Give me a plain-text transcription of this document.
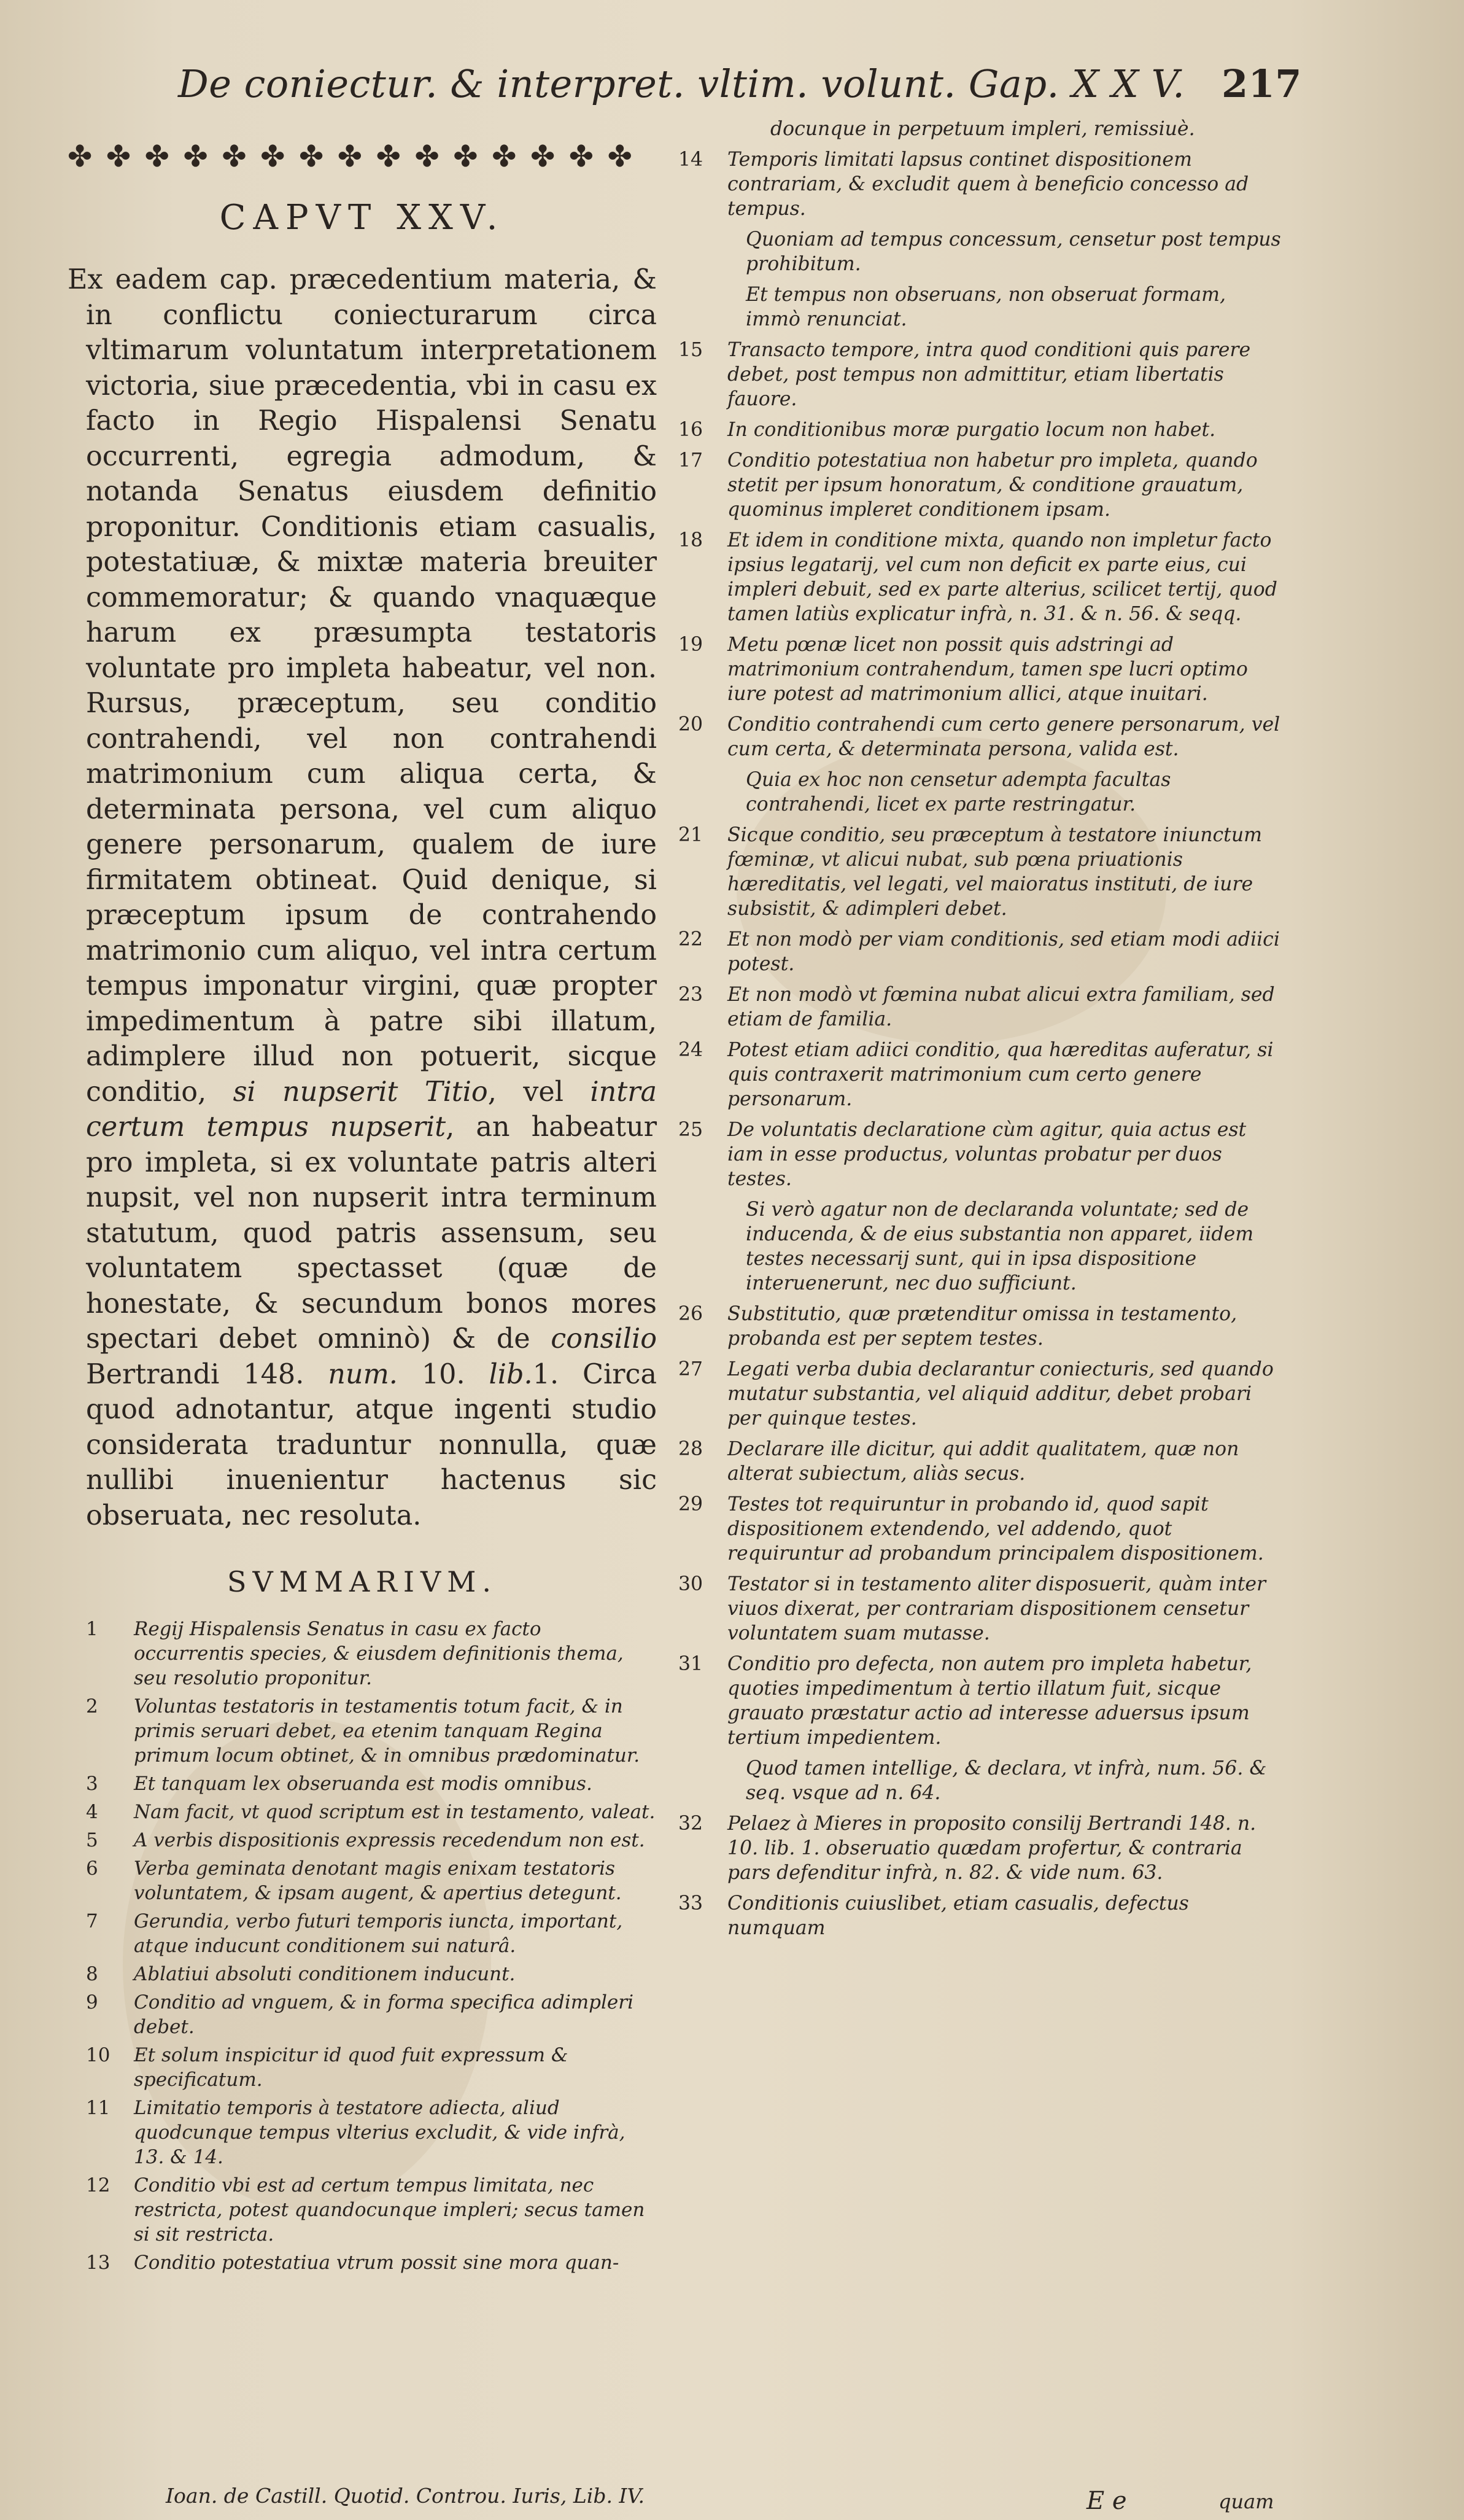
De coniectur. & interpret. vltim. volunt. Gap. X X V. 217
✤ ✤ ✤ ✤ ✤ ✤ ✤ ✤ ✤ ✤ ✤ ✤ ✤ ✤ ✤
CAPVT XXV.
Ex eadem cap. præcedentium materia, & in conflictu coniecturarum circa vltimarum voluntatum interpretationem victoria, siue præcedentia, vbi in casu ex facto in Regio Hispalensi Senatu occurrenti, egregia admodum, & notanda Senatus eiusdem definitio proponitur. Conditionis etiam casualis, potestatiuæ, & mixtæ materia breuiter commemoratur; & quando vnaquæque harum ex præsumpta testatoris voluntate pro impleta habeatur, vel non. Rursus, præceptum, seu conditio contrahendi, vel non contrahendi matrimonium cum aliqua certa, & determinata persona, vel cum aliquo genere personarum, qualem de iure firmitatem obtineat. Quid denique, si præceptum ipsum de contrahendo matrimonio cum aliquo, vel intra certum tempus imponatur virgini, quæ propter impedimentum à patre sibi illatum, adimplere illud non potuerit, sicque conditio, si nupserit Titio, vel intra certum tempus nupserit, an habeatur pro impleta, si ex voluntate patris alteri nupsit, vel non nupserit intra terminum statutum, quod patris assensum, seu voluntatem spectasset (quæ de honestate, & secundum bonos mores spectari debet omninò) & de consilio Bertrandi 148. num. 10. lib.1. Circa quod adnotantur, atque ingenti studio considerata traduntur nonnulla, quæ nullibi inuenientur hactenus sic obseruata, nec resoluta.
SVMMARIVM.
1 Regij Hispalensis Senatus in casu ex facto occurrentis species, & eiusdem definitionis thema, seu resolutio proponitur.
2 Voluntas testatoris in testamentis totum facit, & in primis seruari debet, ea etenim tanquam Regina primum locum obtinet, & in omnibus prædominatur.
3 Et tanquam lex obseruanda est modis omnibus.
4 Nam facit, vt quod scriptum est in testamento, valeat.
5 A verbis dispositionis expressis recedendum non est.
6 Verba geminata denotant magis enixam testatoris voluntatem, & ipsam augent, & apertius detegunt.
7 Gerundia, verbo futuri temporis iuncta, important, atque inducunt conditionem sui naturâ.
8 Ablatiui absoluti conditionem inducunt.
9 Conditio ad vnguem, & in forma specifica adimpleri debet.
10 Et solum inspicitur id quod fuit expressum & specificatum.
11 Limitatio temporis à testatore adiecta, aliud quodcunque tempus vlterius excludit, & vide infrà, 13. & 14.
12 Conditio vbi est ad certum tempus limitata, nec restricta, potest quandocunque impleri; secus tamen si sit restricta.
13 Conditio potestatiua vtrum possit sine mora quan-
docunque in perpetuum impleri, remissiuè.
14 Temporis limitati lapsus continet dispositionem contrariam, & excludit quem à beneficio concesso ad tempus.
Quoniam ad tempus concessum, censetur post tempus prohibitum.
Et tempus non obseruans, non obseruat formam, immò renunciat.
15 Transacto tempore, intra quod conditioni quis parere debet, post tempus non admittitur, etiam libertatis fauore.
16 In conditionibus moræ purgatio locum non habet.
17 Conditio potestatiua non habetur pro impleta, quando stetit per ipsum honoratum, & conditione grauatum, quominus impleret conditionem ipsam.
18 Et idem in conditione mixta, quando non impletur facto ipsius legatarij, vel cum non deficit ex parte eius, cui impleri debuit, sed ex parte alterius, scilicet tertij, quod tamen latiùs explicatur infrà, n. 31. & n. 56. & seqq.
19 Metu pœnæ licet non possit quis adstringi ad matrimonium contrahendum, tamen spe lucri optimo iure potest ad matrimonium allici, atque inuitari.
20 Conditio contrahendi cum certo genere personarum, vel cum certa, & determinata persona, valida est.
Quia ex hoc non censetur adempta facultas contrahendi, licet ex parte restringatur.
21 Sicque conditio, seu præceptum à testatore iniunctum fœminæ, vt alicui nubat, sub pœna priuationis hæreditatis, vel legati, vel maioratus instituti, de iure subsistit, & adimpleri debet.
22 Et non modò per viam conditionis, sed etiam modi adiici potest.
23 Et non modò vt fœmina nubat alicui extra familiam, sed etiam de familia.
24 Potest etiam adiici conditio, qua hæreditas auferatur, si quis contraxerit matrimonium cum certo genere personarum.
25 De voluntatis declaratione cùm agitur, quia actus est iam in esse productus, voluntas probatur per duos testes.
Si verò agatur non de declaranda voluntate; sed de inducenda, & de eius substantia non apparet, iidem testes necessarij sunt, qui in ipsa dispositione interuenerunt, nec duo sufficiunt.
26 Substitutio, quæ prætenditur omissa in testamento, probanda est per septem testes.
27 Legati verba dubia declarantur coniecturis, sed quando mutatur substantia, vel aliquid additur, debet probari per quinque testes.
28 Declarare ille dicitur, qui addit qualitatem, quæ non alterat subiectum, aliàs secus.
29 Testes tot requiruntur in probando id, quod sapit dispositionem extendendo, vel addendo, quot requiruntur ad probandum principalem dispositionem.
30 Testator si in testamento aliter disposuerit, quàm inter viuos dixerat, per contrariam dispositionem censetur voluntatem suam mutasse.
31 Conditio pro defecta, non autem pro impleta habetur, quoties impedimentum à tertio illatum fuit, sicque grauato præstatur actio ad interesse aduersus ipsum tertium impedientem.
Quod tamen intellige, & declara, vt infrà, num. 56. & seq. vsque ad n. 64.
32 Pelaez à Mieres in proposito consilij Bertrandi 148. n. 10. lib. 1. obseruatio quædam profertur, & contraria pars defenditur infrà, n. 82. & vide num. 63.
33 Conditionis cuiuslibet, etiam casualis, defectus numquam
Ioan. de Castill. Quotid. Controu. Iuris, Lib. IV.	E e	quam
